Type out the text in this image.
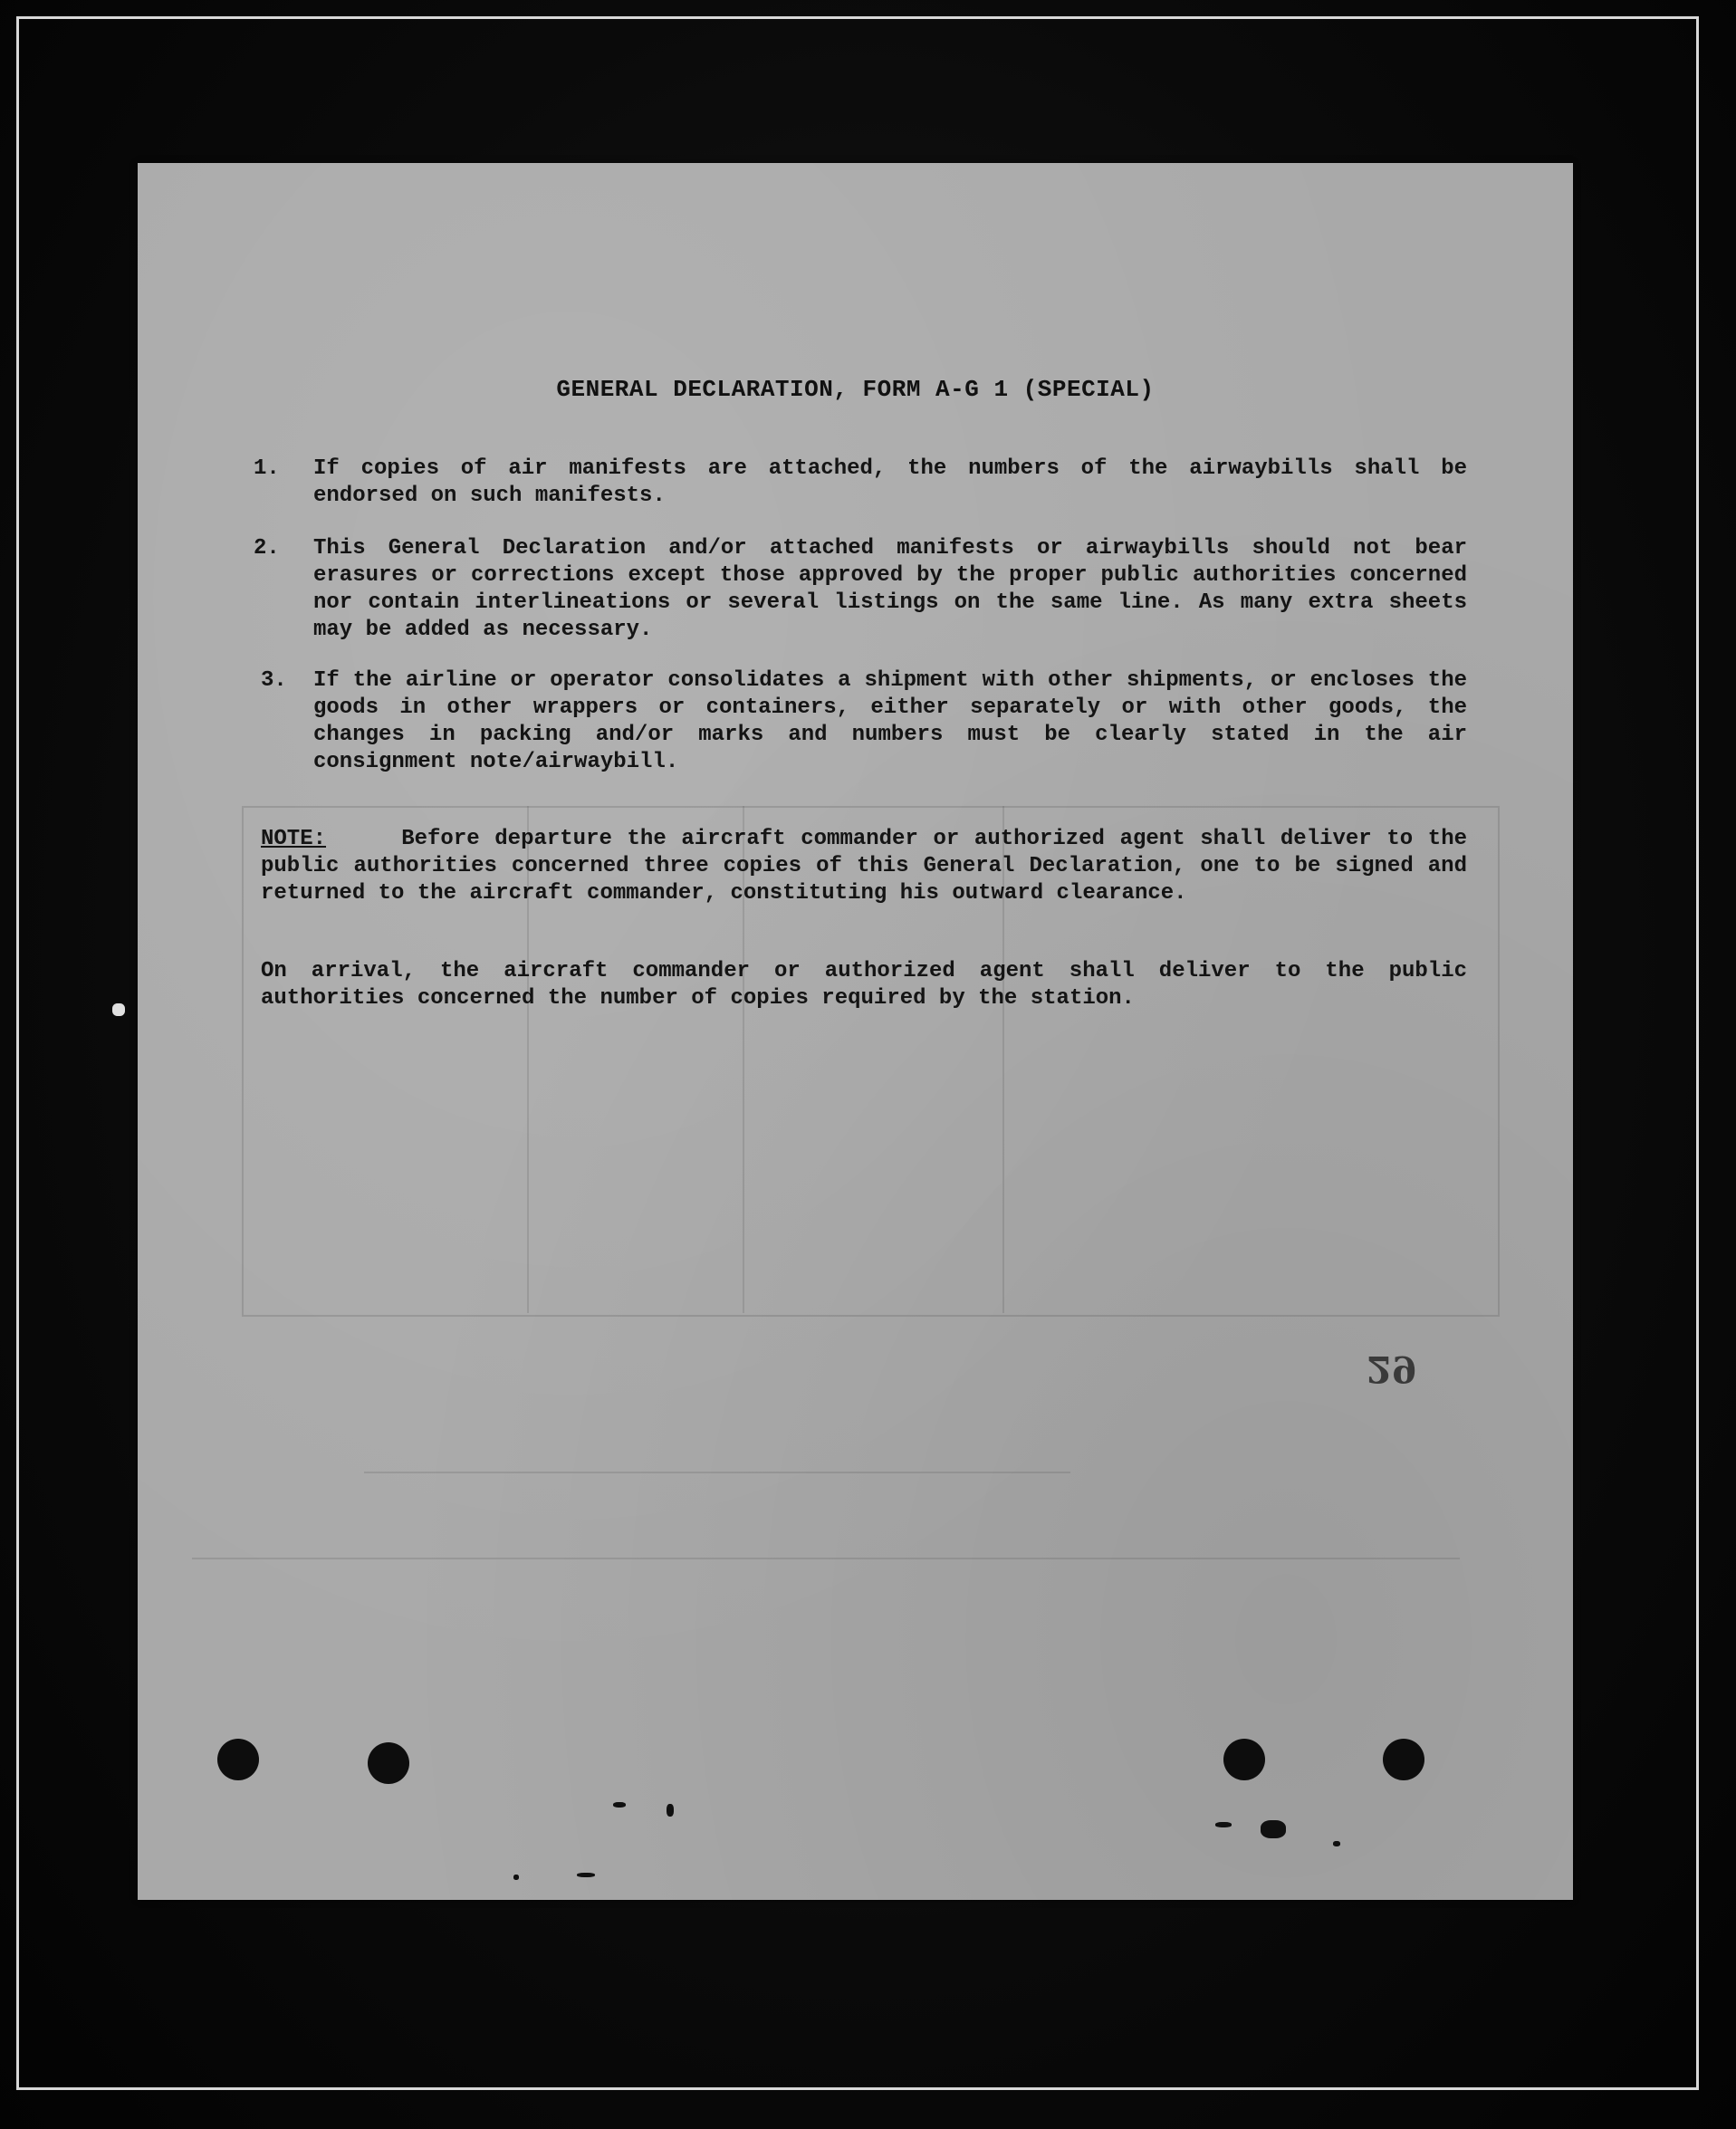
GENERAL DECLARATION, FORM A-G 1 (SPECIAL)
1.	If copies of air manifests are attached, the numbers of the airwaybills shall be endorsed on such manifests.
2.	This General Declaration and/or attached manifests or airwaybills should not bear erasures or corrections except those approved by the proper public authorities concerned nor contain interlineations or several listings on the same line. As many extra sheets may be added as necessary.
3.	If the airline or operator consolidates a shipment with other shipments, or encloses the goods in other wrappers or containers, either separately or with other goods, the changes in packing and/or marks and numbers must be clearly stated in the air consignment note/airwaybill.
NOTE:	Before departure the aircraft commander or authorized agent shall deliver to the public authorities concerned three copies of this General Declaration, one to be signed and returned to the aircraft commander, constituting his outward clearance.
On arrival, the aircraft commander or authorized agent shall deliver to the public authorities concerned the number of copies required by the station.
29
